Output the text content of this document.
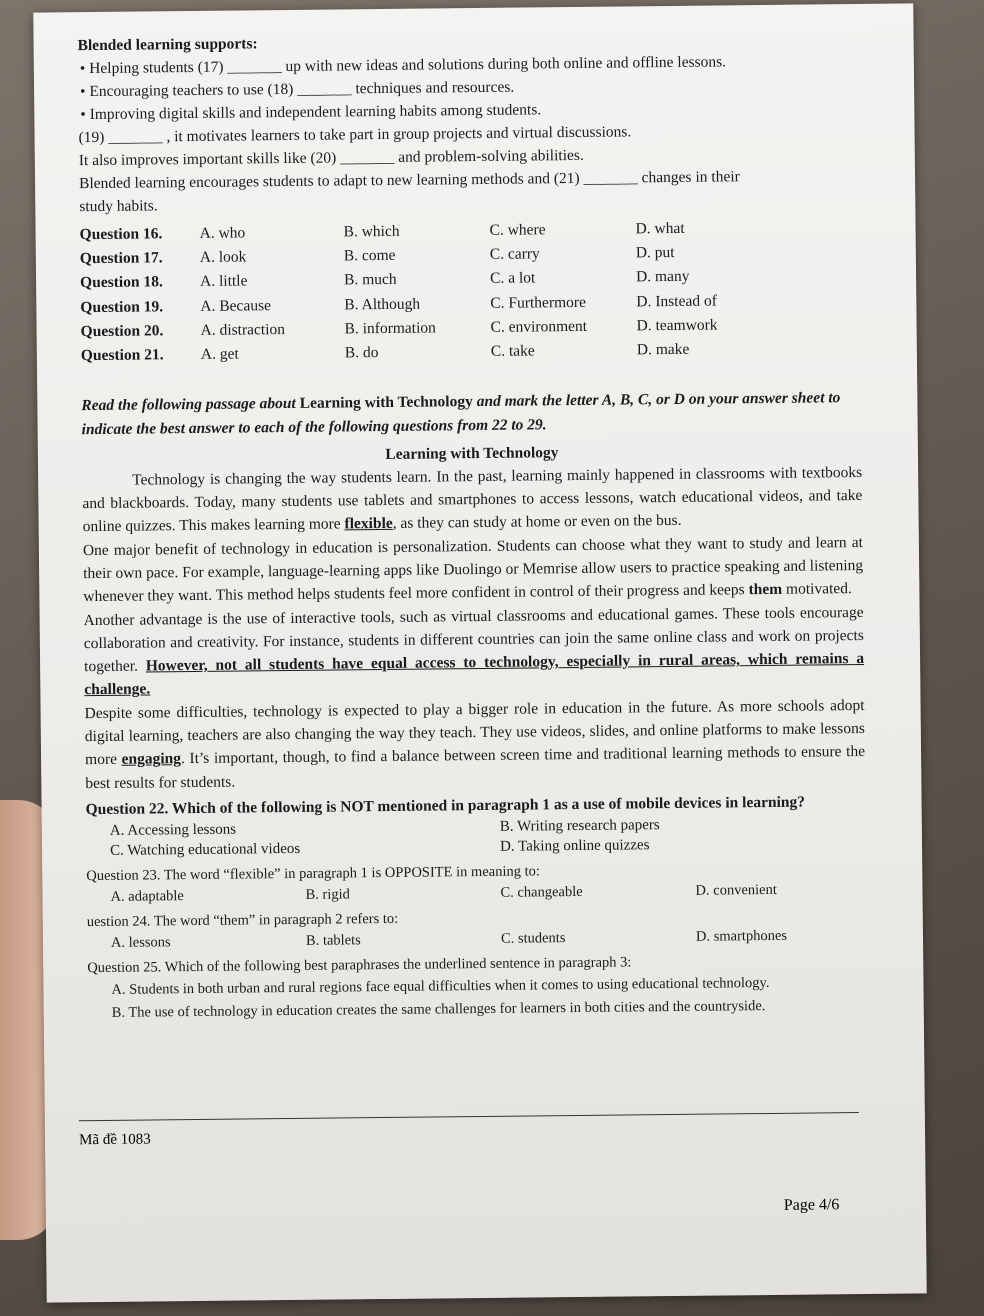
Blended learning supports:
• Helping students (17) _______ up with new ideas and solutions during both online and offline lessons.
• Encouraging teachers to use (18) _______ techniques and resources.
• Improving digital skills and independent learning habits among students.
(19) _______ , it motivates learners to take part in group projects and virtual discussions.
It also improves important skills like (20) _______ and problem-solving abilities.
Blended learning encourages students to adapt to new learning methods and (21) _______ changes in their
study habits.
Question 16.	A. who	B. which	C. where	D. what
Question 17.	A. look	B. come	C. carry	D. put
Question 18.	A. little	B. much	C. a lot	D. many
Question 19.	A. Because	B. Although	C. Furthermore	D. Instead of
Question 20.	A. distraction	B. information	C. environment	D. teamwork
Question 21.	A. get	B. do	C. take	D. make
Read the following passage about Learning with Technology and mark the letter A, B, C, or D on your answer sheet to indicate the best answer to each of the following questions from 22 to 29.
Learning with Technology
Technology is changing the way students learn. In the past, learning mainly happened in classrooms with textbooks and blackboards. Today, many students use tablets and smartphones to access lessons, watch educational videos, and take online quizzes. This makes learning more flexible, as they can study at home or even on the bus.
One major benefit of technology in education is personalization. Students can choose what they want to study and learn at their own pace. For example, language-learning apps like Duolingo or Memrise allow users to practice speaking and listening whenever they want. This method helps students feel more confident in control of their progress and keeps them motivated.
Another advantage is the use of interactive tools, such as virtual classrooms and educational games. These tools encourage collaboration and creativity. For instance, students in different countries can join the same online class and work on projects together. However, not all students have equal access to technology, especially in rural areas, which remains a challenge.
Despite some difficulties, technology is expected to play a bigger role in education in the future. As more schools adopt digital learning, teachers are also changing the way they teach. They use videos, slides, and online platforms to make lessons more engaging. It’s important, though, to find a balance between screen time and traditional learning methods to ensure the best results for students.
Question 22. Which of the following is NOT mentioned in paragraph 1 as a use of mobile devices in learning?
A. Accessing lessons	B. Writing research papers
C. Watching educational videos	D. Taking online quizzes
Question 23. The word “flexible” in paragraph 1 is OPPOSITE in meaning to:
A. adaptable	B. rigid	C. changeable	D. convenient
uestion 24. The word “them” in paragraph 2 refers to:
A. lessons	B. tablets	C. students	D. smartphones
Question 25. Which of the following best paraphrases the underlined sentence in paragraph 3:
A. Students in both urban and rural regions face equal difficulties when it comes to using educational technology.
B. The use of technology in education creates the same challenges for learners in both cities and the countryside.
Mã đề 1083
Page 4/6
